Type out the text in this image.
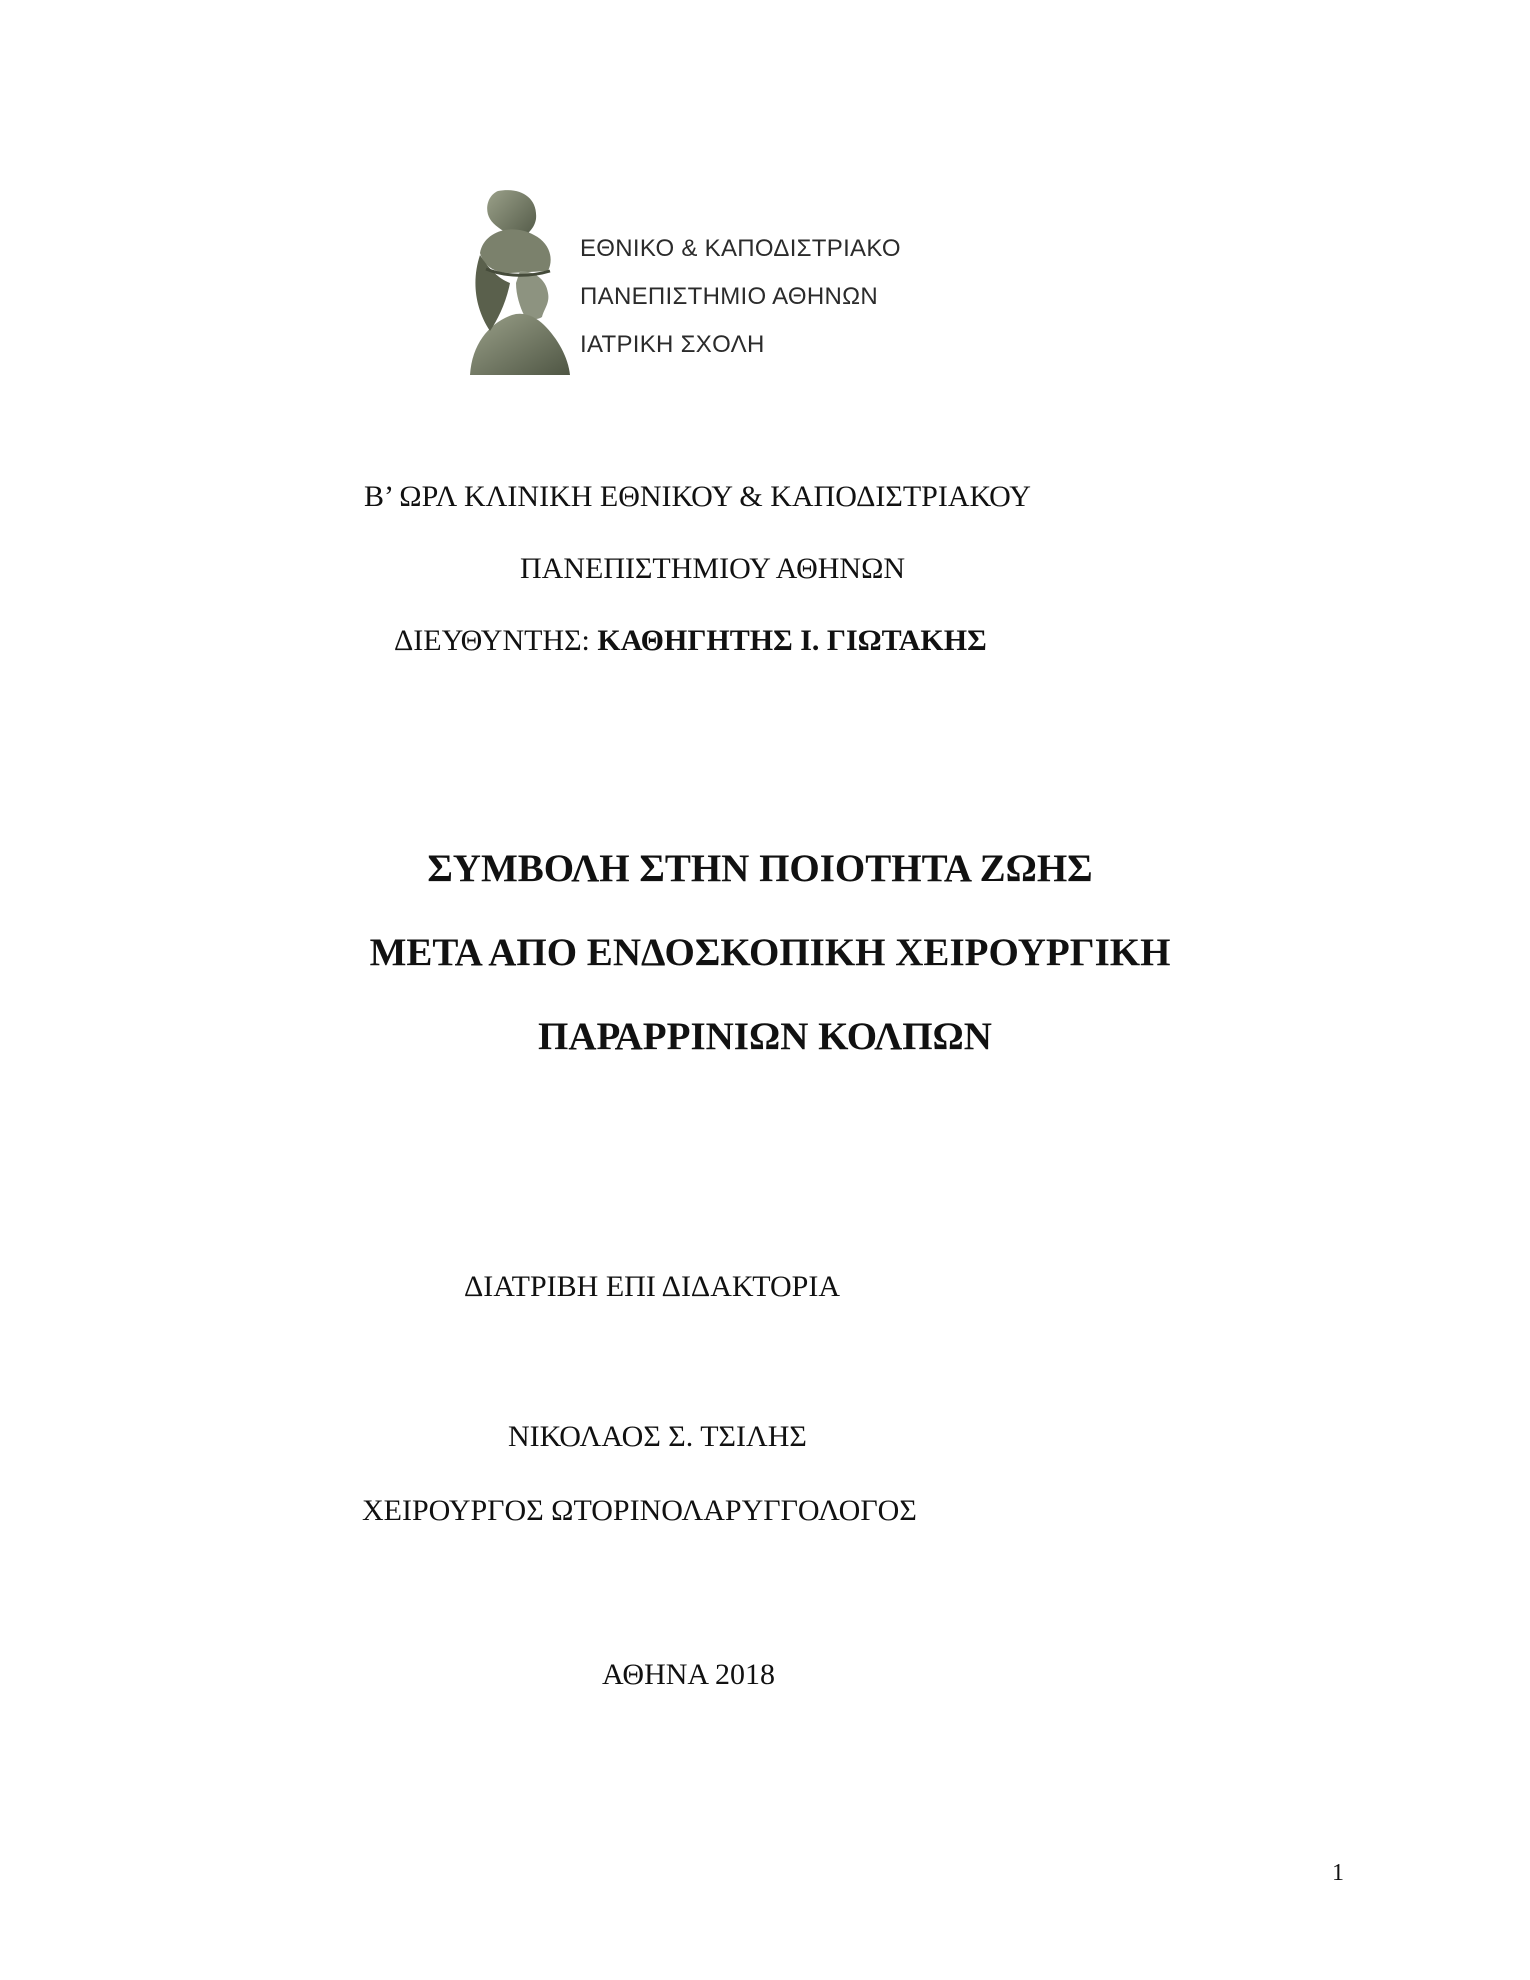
ΕΘΝΙΚΟ & ΚΑΠΟΔΙΣΤΡΙΑΚΟ
ΠΑΝΕΠΙΣΤΗΜΙΟ ΑΘΗΝΩΝ
ΙΑΤΡΙΚΗ ΣΧΟΛΗ
Β’ ΩΡΛ ΚΛΙΝΙΚΗ ΕΘΝΙΚΟΥ & ΚΑΠΟΔΙΣΤΡΙΑΚΟΥ
ΠΑΝΕΠΙΣΤΗΜΙΟΥ ΑΘΗΝΩΝ
ΔΙΕΥΘΥΝΤΗΣ: ΚΑΘΗΓΗΤΗΣ Ι. ΓΙΩΤΑΚΗΣ
ΣΥΜΒΟΛΗ ΣΤΗΝ ΠΟΙΟΤΗΤΑ ΖΩΗΣ
ΜΕΤΑ ΑΠΟ ΕΝΔΟΣΚΟΠΙΚΗ ΧΕΙΡΟΥΡΓΙΚΗ
ΠΑΡΑΡΡΙΝΙΩΝ ΚΟΛΠΩΝ
ΔΙΑΤΡΙΒΗ ΕΠΙ ΔΙΔΑΚΤΟΡΙΑ
ΝΙΚΟΛΑΟΣ Σ. ΤΣΙΛΗΣ
ΧΕΙΡΟΥΡΓΟΣ ΩΤΟΡΙΝΟΛΑΡΥΓΓΟΛΟΓΟΣ
ΑΘΗΝΑ 2018
1
